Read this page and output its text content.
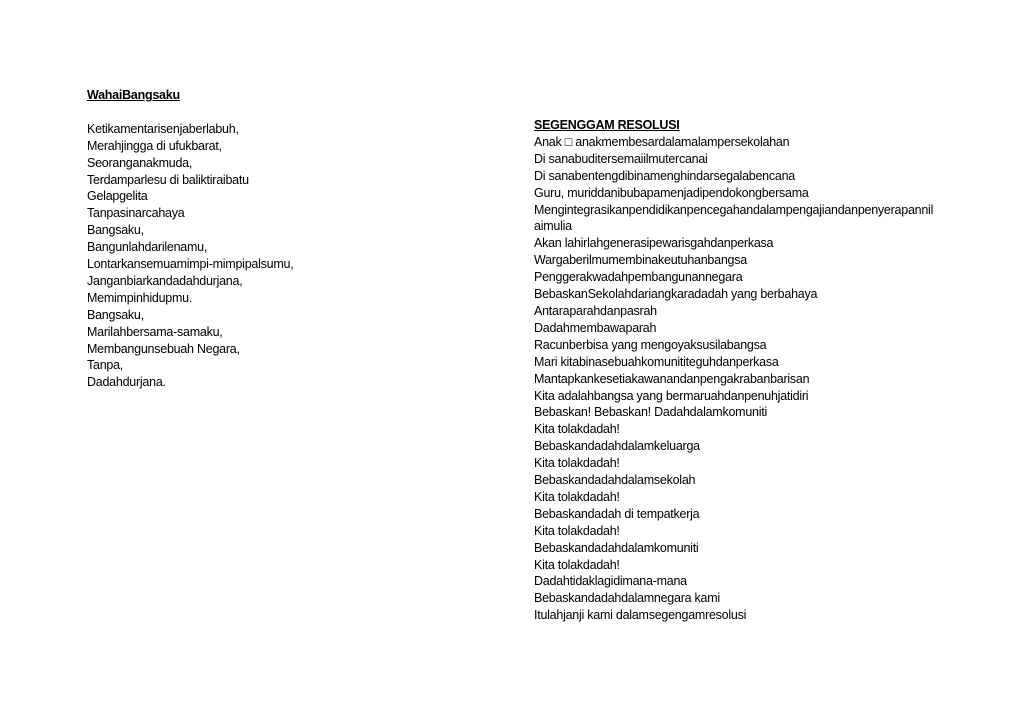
WahaiBangsaku
Ketikamentarisenjaberlabuh,
Merahjingga di ufukbarat,
Seoranganakmuda,
Terdamparlesu di baliktiraibatu
Gelapgelita
Tanpasinarcahaya
Bangsaku,
Bangunlahdarilenamu,
Lontarkansemuamimpi-mimpipalsumu,
Janganbiarkandadahdurjana,
Memimpinhidupmu.
Bangsaku,
Marilahbersama-samaku,
Membangunsebuah Negara,
Tanpa,
Dadahdurjana.
SEGENGGAM RESOLUSI
Anak □ anakmembesardalamalampersekolahan
Di sanabuditersemaiilmutercanai
Di sanabentengdibinamenghindarsegalabencana
Guru, muriddanibubapamenjadipendokongbersama
Mengintegrasikanpendidikanpencegahandalampengajiandanpenyerapannil
aimulia
Akan lahirlahgenerasipewarisgahdanperkasa
Wargaberilmumembinakeutuhanbangsa
Penggerakwadahpembangunannegara
BebaskanSekolahdariangkaradadah yang berbahaya
Antaraparahdanpasrah
Dadahmembawaparah
Racunberbisa yang mengoyaksusilabangsa
Mari kitabinasebuahkomunititeguhdanperkasa
Mantapkankesetiakawanandanpengakrabanbarisan
Kita adalahbangsa yang bermaruahdanpenuhjatidiri
Bebaskan! Bebaskan! Dadahdalamkomuniti
Kita tolakdadah!
Bebaskandadahdalamkeluarga
Kita tolakdadah!
Bebaskandadahdalamsekolah
Kita tolakdadah!
Bebaskandadah di tempatkerja
Kita tolakdadah!
Bebaskandadahdalamkomuniti
Kita tolakdadah!
Dadahtidaklagidimana-mana
Bebaskandadahdalamnegara kami
Itulahjanji kami dalamsegengamresolusi
